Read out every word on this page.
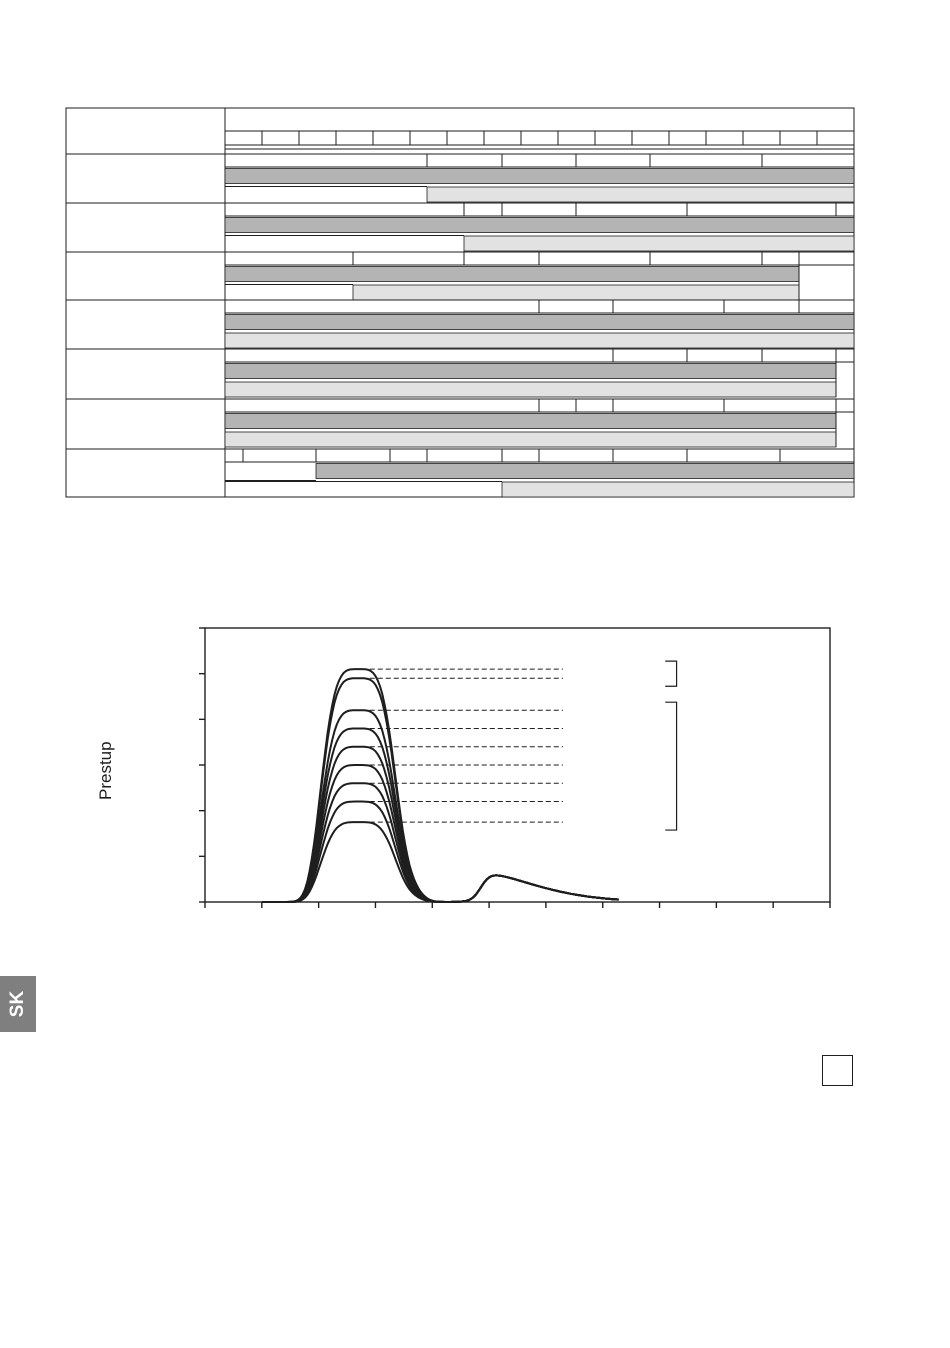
Prestup
SK
